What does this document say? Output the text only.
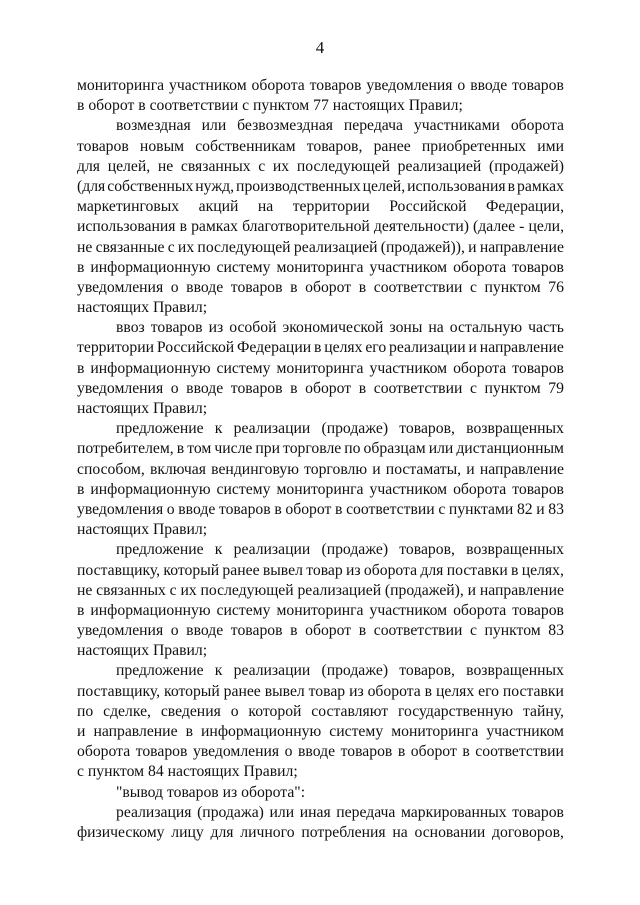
4
мониторинга участником оборота товаров уведомления о вводе товаров
в оборот в соответствии с пунктом 77 настоящих Правил;
возмездная или безвозмездная передача участниками оборота
товаров новым собственникам товаров, ранее приобретенных ими
для целей, не связанных с их последующей реализацией (продажей)
(для собственных нужд, производственных целей, использования в рамках
маркетинговых акций на территории Российской Федерации,
использования в рамках благотворительной деятельности) (далее - цели,
не связанные с их последующей реализацией (продажей)), и направление
в информационную систему мониторинга участником оборота товаров
уведомления о вводе товаров в оборот в соответствии с пунктом 76
настоящих Правил;
ввоз товаров из особой экономической зоны на остальную часть
территории Российской Федерации в целях его реализации и направление
в информационную систему мониторинга участником оборота товаров
уведомления о вводе товаров в оборот в соответствии с пунктом 79
настоящих Правил;
предложение к реализации (продаже) товаров, возвращенных
потребителем, в том числе при торговле по образцам или дистанционным
способом, включая вендинговую торговлю и постаматы, и направление
в информационную систему мониторинга участником оборота товаров
уведомления о вводе товаров в оборот в соответствии с пунктами 82 и 83
настоящих Правил;
предложение к реализации (продаже) товаров, возвращенных
поставщику, который ранее вывел товар из оборота для поставки в целях,
не связанных с их последующей реализацией (продажей), и направление
в информационную систему мониторинга участником оборота товаров
уведомления о вводе товаров в оборот в соответствии с пунктом 83
настоящих Правил;
предложение к реализации (продаже) товаров, возвращенных
поставщику, который ранее вывел товар из оборота в целях его поставки
по сделке, сведения о которой составляют государственную тайну,
и направление в информационную систему мониторинга участником
оборота товаров уведомления о вводе товаров в оборот в соответствии
с пунктом 84 настоящих Правил;
"вывод товаров из оборота":
реализация (продажа) или иная передача маркированных товаров
физическому лицу для личного потребления на основании договоров,
